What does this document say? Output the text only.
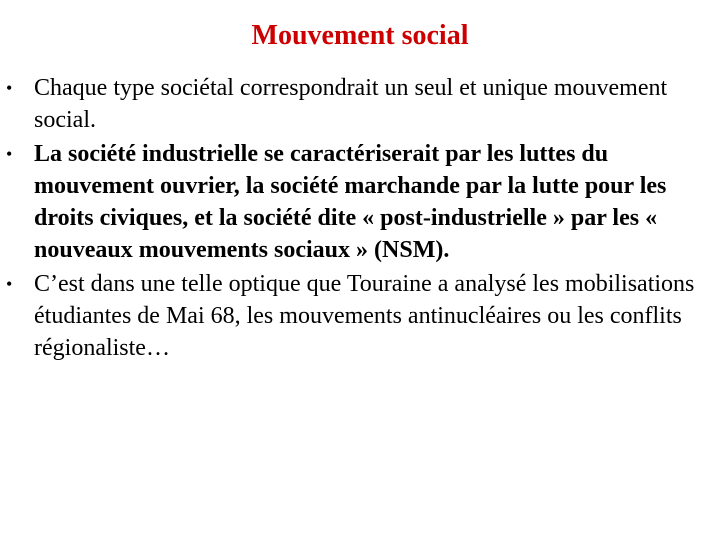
Mouvement social
• Chaque type sociétal correspondrait un seul et unique mouvement social.
• La société industrielle se caractériserait par les luttes du mouvement ouvrier, la société marchande par la lutte pour les droits civiques, et la société dite « post-industrielle » par les « nouveaux mouvements sociaux » (NSM).
• C’est dans une telle optique que Touraine a analysé les mobilisations étudiantes de Mai 68, les mouvements antinucléaires ou les conflits régionaliste…
